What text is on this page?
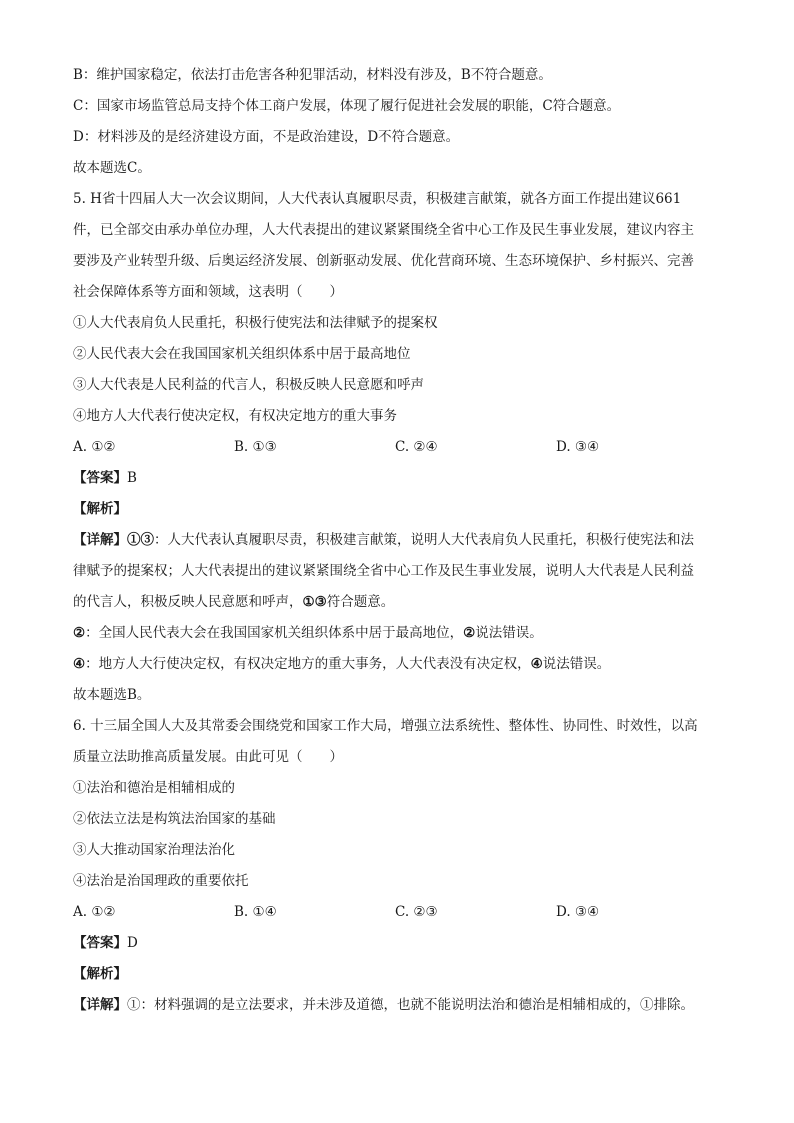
B：维护国家稳定，依法打击危害各种犯罪活动，材料没有涉及，B不符合题意。
C：国家市场监管总局支持个体工商户发展，体现了履行促进社会发展的职能，C符合题意。
D：材料涉及的是经济建设方面，不是政治建设，D不符合题意。
故本题选C。
5. H省十四届人大一次会议期间，人大代表认真履职尽责，积极建言献策，就各方面工作提出建议661
件，已全部交由承办单位办理，人大代表提出的建议紧紧围绕全省中心工作及民生事业发展，建议内容主
要涉及产业转型升级、后奥运经济发展、创新驱动发展、优化营商环境、生态环境保护、乡村振兴、完善
社会保障体系等方面和领域，这表明（　　）
①人大代表肩负人民重托，积极行使宪法和法律赋予的提案权
②人民代表大会在我国国家机关组织体系中居于最高地位
③人大代表是人民利益的代言人，积极反映人民意愿和呼声
④地方人大代表行使决定权，有权决定地方的重大事务
A. ①②	B. ①③	C. ②④	D. ③④
【答案】B
【解析】
【详解】①③：人大代表认真履职尽责，积极建言献策，说明人大代表肩负人民重托，积极行使宪法和法
律赋予的提案权；人大代表提出的建议紧紧围绕全省中心工作及民生事业发展，说明人大代表是人民利益
的代言人，积极反映人民意愿和呼声，①③符合题意。
②：全国人民代表大会在我国国家机关组织体系中居于最高地位，②说法错误。
④：地方人大行使决定权，有权决定地方的重大事务，人大代表没有决定权，④说法错误。
故本题选B。
6. 十三届全国人大及其常委会围绕党和国家工作大局，增强立法系统性、整体性、协同性、时效性，以高
质量立法助推高质量发展。由此可见（　　）
①法治和德治是相辅相成的
②依法立法是构筑法治国家的基础
③人大推动国家治理法治化
④法治是治国理政的重要依托
A. ①②	B. ①④	C. ②③	D. ③④
【答案】D
【解析】
【详解】①：材料强调的是立法要求，并未涉及道德，也就不能说明法治和德治是相辅相成的，①排除。
